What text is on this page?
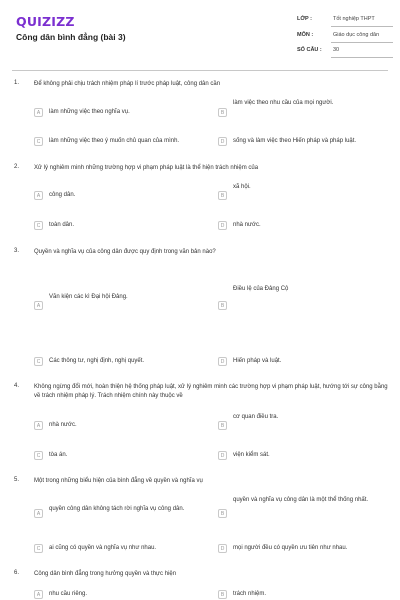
QUIZIZZ
Công dân bình đẳng (bài 3)
LỚP :	Tốt nghiệp THPT
MÔN :	Giáo dục công dân
SỐ CÂU :	30
1. Để không phải chịu trách nhiệm pháp lí trước pháp luật, công dân cần
A	làm những việc theo nghĩa vụ.	B
làm việc theo nhu cầu của mọi người.
C	làm những việc theo ý muốn chủ quan của mình.	D	sống và làm việc theo Hiến pháp và pháp luật.
2. Xử lý nghiêm minh những trường hợp vi phạm pháp luật là thể hiện trách nhiệm của
A	công dân.	B
xã hội.
C	toàn dân.	D	nhà nước.
3. Quyền và nghĩa vụ của công dân được quy định trong văn bản nào?
A
Văn kiện các kì Đại hội Đảng.
B
Điều lệ của Đảng Cộ
C	Các thông tư, nghị định, nghị quyết.	D	Hiến pháp và luật.
4. Không ngừng đổi mới, hoàn thiện hệ thống pháp luật, xử lý nghiêm minh các trường hợp vi phạm pháp luật, hướng tới sự công bằng về trách nhiệm pháp lý. Trách nhiệm chính này thuộc về
A	nhà nước.	B
cơ quan điều tra.
C	tòa án.	D	viện kiểm sát.
5. Một trong những biểu hiện của bình đẳng về quyền và nghĩa vụ
A
quyền công dân không tách rời nghĩa vụ công dân.
B
quyền và nghĩa vụ công dân là một thể thống nhất.
C	ai cũng có quyền và nghĩa vụ như nhau.	D	mọi người đều có quyền ưu tiên như nhau.
6. Công dân bình đẳng trong hưởng quyền và thực hiện
A	nhu cầu riêng.	B	trách nhiệm.
